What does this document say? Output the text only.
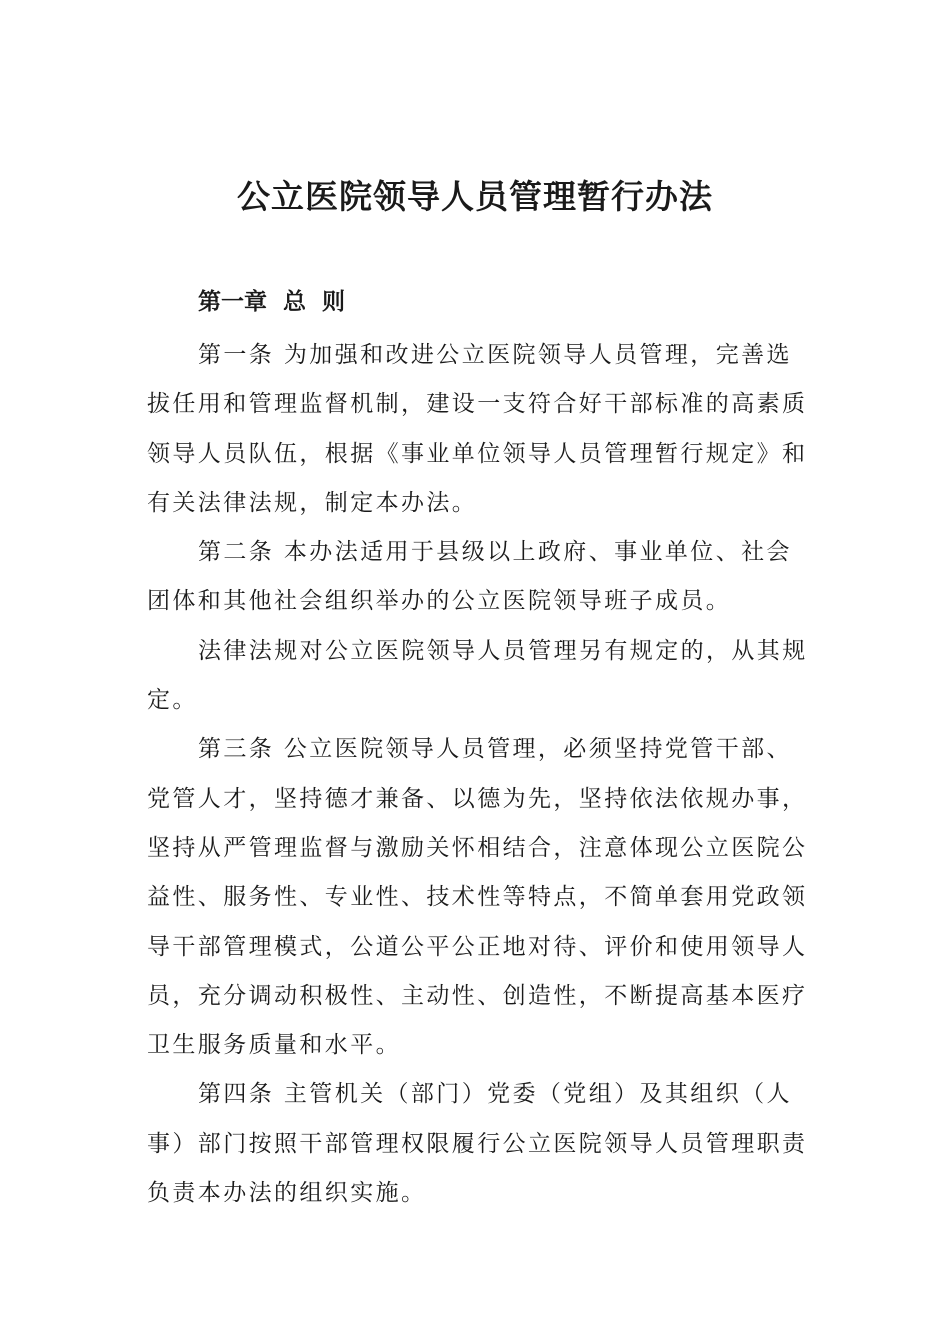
公立医院领导人员管理暂行办法
第一章  总  则

第一条 为加强和改进公立医院领导人员管理，完善选
拔任用和管理监督机制，建设一支符合好干部标准的高素质
领导人员队伍，根据《事业单位领导人员管理暂行规定》和
有关法律法规，制定本办法。

第二条 本办法适用于县级以上政府、事业单位、社会
团体和其他社会组织举办的公立医院领导班子成员。

法律法规对公立医院领导人员管理另有规定的，从其规
定。

第三条 公立医院领导人员管理，必须坚持党管干部、
党管人才，坚持德才兼备、以德为先，坚持依法依规办事，
坚持从严管理监督与激励关怀相结合，注意体现公立医院公
益性、服务性、专业性、技术性等特点，不简单套用党政领
导干部管理模式，公道公平公正地对待、评价和使用领导人
员，充分调动积极性、主动性、创造性，不断提高基本医疗
卫生服务质量和水平。

第四条 主管机关（部门）党委（党组）及其组织（人
事）部门按照干部管理权限履行公立医院领导人员管理职责
负责本办法的组织实施。
